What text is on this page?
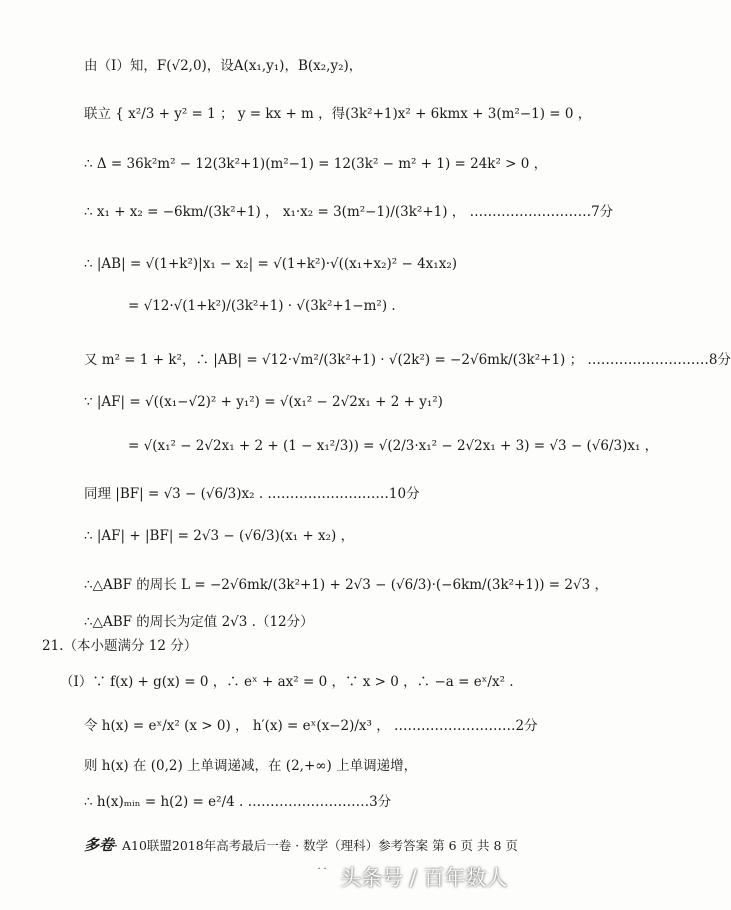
由（Ⅰ）知，F(√2,0)，设A(x₁,y₁)，B(x₂,y₂)，
联立 { x²/3 + y² = 1 ； y = kx + m ，得(3k²+1)x² + 6kmx + 3(m²−1) = 0 ，
∴ Δ = 36k²m² − 12(3k²+1)(m²−1) = 12(3k² − m² + 1) = 24k² > 0 ，
∴ x₁ + x₂ = −6km/(3k²+1) ， x₁·x₂ = 3(m²−1)/(3k²+1) ， ………………………7分
∴ |AB| = √(1+k²)|x₁ − x₂| = √(1+k²)·√((x₁+x₂)² − 4x₁x₂)
= √12·√(1+k²)/(3k²+1) · √(3k²+1−m²) .
又 m² = 1 + k²，∴ |AB| = √12·√m²/(3k²+1) · √(2k²) = −2√6mk/(3k²+1) ； ………………………8分
∵ |AF| = √((x₁−√2)² + y₁²) = √(x₁² − 2√2x₁ + 2 + y₁²)
= √(x₁² − 2√2x₁ + 2 + (1 − x₁²/3)) = √(2/3·x₁² − 2√2x₁ + 3) = √3 − (√6/3)x₁ ，
同理 |BF| = √3 − (√6/3)x₂ . ………………………10分
∴ |AF| + |BF| = 2√3 − (√6/3)(x₁ + x₂) ，
∴△ABF 的周长 L = −2√6mk/(3k²+1) + 2√3 − (√6/3)·(−6km/(3k²+1)) = 2√3 ，
∴△ABF 的周长为定值 2√3 .（12分）
21.（本小题满分 12 分）
（Ⅰ）∵ f(x) + g(x) = 0 ，∴ eˣ + ax² = 0 ，∵ x > 0 ，∴ −a = eˣ/x² .
令 h(x) = eˣ/x² (x > 0) ， h′(x) = eˣ(x−2)/x³ ， ………………………2分
则 h(x) 在 (0,2) 上单调递减，在 (2,+∞) 上单调递增，
∴ h(x)ₘᵢₙ = h(2) = e²/4 . ………………………3分
多卷· A10联盟2018年高考最后一卷 · 数学（理科）参考答案 第 6 页 共 8 页
˙˙ 头条号 / 百年数人
